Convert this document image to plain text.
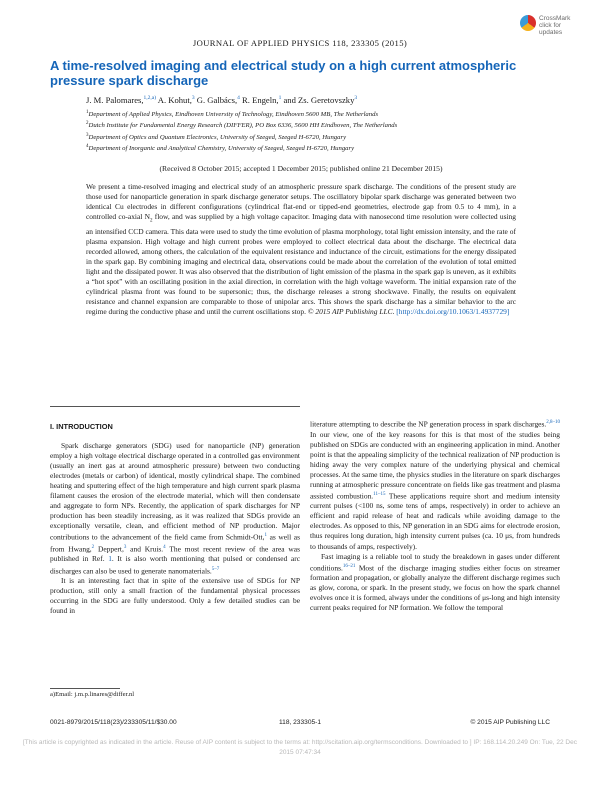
CrossMark
click for updates
JOURNAL OF APPLIED PHYSICS 118, 233305 (2015)
A time-resolved imaging and electrical study on a high current atmospheric pressure spark discharge
J. M. Palomares,$^{1,2,a)}$ A. Kohut,$^3$ G. Galbács,$^4$ R. Engeln,$^1$ and Zs. Geretovszky$^3$
$^1$Department of Applied Physics, Eindhoven University of Technology, Eindhoven 5600 MB, The Netherlands
$^2$Dutch Institute for Fundamental Energy Research (DIFFER), PO Box 6336, 5600 HH Eindhoven, The Netherlands
$^3$Department of Optics and Quantum Electronics, University of Szeged, Szeged H-6720, Hungary
$^4$Department of Inorganic and Analytical Chemistry, University of Szeged, Szeged H-6720, Hungary
(Received 8 October 2015; accepted 1 December 2015; published online 21 December 2015)

We present a time-resolved imaging and electrical study of an atmospheric pressure spark discharge. The conditions of the present study are those used for nanoparticle generation in spark discharge generator setups. The oscillatory bipolar spark discharge was generated between two identical Cu electrodes in different configurations (cylindrical flat-end or tipped-end geometries, electrode gap from 0.5 to 4 mm), in a controlled co-axial $N_2$ flow, and was supplied by a high voltage capacitor. Imaging data with nanosecond time resolution were collected using an intensified CCD camera. This data were used to study the time evolution of plasma morphology, total light emission intensity, and the rate of plasma expansion. High voltage and high current probes were employed to collect electrical data about the discharge. The electrical data recorded allowed, among others, the calculation of the equivalent resistance and inductance of the circuit, estimations for the energy dissipated in the spark gap. By combining imaging and electrical data, observations could be made about the correlation of the evolution of total emitted light and the dissipated power. It was also observed that the distribution of light emission of the plasma in the spark gap is uneven, as it exhibits a “hot spot” with an oscillating position in the axial direction, in correlation with the high voltage waveform. The initial expansion rate of the cylindrical plasma front was found to be supersonic; thus, the discharge releases a strong shockwave. Finally, the results on equivalent resistance and channel expansion are comparable to those of unipolar arcs. This shows the spark discharge has a similar behavior to the arc regime during the conductive phase and until the current oscillations stop. © 2015 AIP Publishing LLC. [http://dx.doi.org/10.1063/1.4937729]

I. INTRODUCTION

Spark discharge generators (SDG) used for nanoparticle (NP) generation employ a high voltage electrical discharge operated in a controlled gas environment (usually an inert gas at around atmospheric pressure) between two conducting electrodes (metals or carbon) of identical, mostly cylindrical shape. The combined heating and sputtering effect of the high temperature and high current spark plasma filament causes the erosion of the electrode material, which will then condensate and aggregate to form NPs. Recently, the application of spark discharges for NP production has been steadily increasing, as it was realized that SDGs provide an exceptionally versatile, clean, and efficient method of NP production. Major contributions to the advancement of the field came from Schmidt-Ott,$^1$ as well as from Hwang,$^2$ Deppert,$^3$ and Kruis.$^4$ The most recent review of the area was published in Ref. 1. It is also worth mentioning that pulsed or condensed arc discharges can also be used to generate nanomaterials.$^{5-7}$

It is an interesting fact that in spite of the extensive use of SDGs for NP production, still only a small fraction of the fundamental physical processes occurring in the SDG are fully understood. Only a few detailed studies can be found in

literature attempting to describe the NP generation process in spark discharges.$^{2,8-10}$ In our view, one of the key reasons for this is that most of the studies being published on SDGs are conducted with an engineering application in mind. Another point is that the appealing simplicity of the technical realization of NP production is hiding away the very complex nature of the underlying physical and chemical processes. At the same time, the physics studies in the literature on spark discharges running at atmospheric pressure concentrate on fields like gas treatment and plasma assisted combustion.$^{11-15}$ These applications require short and medium intensity current pulses (<100 ns, some tens of amps, respectively) in order to achieve an efficient and rapid release of heat and radicals while avoiding damage to the electrodes. As opposed to this, NP generation in an SDG aims for electrode erosion, thus requires long duration, high intensity current pulses (ca. 10 μs, from hundreds to thousands of amps, respectively).

Fast imaging is a reliable tool to study the breakdown in gases under different conditions.$^{16-21}$ Most of the discharge imaging studies either focus on streamer formation and propagation, or globally analyze the different discharge regimes such as glow, corona, or spark. In the present study, we focus on how the spark channel evolves once it is formed, always under the conditions of μs-long and high intensity current peaks required for NP formation. We follow the temporal

a)Email: j.m.p.linares@differ.nl
0021-8979/2015/118(23)/233305/11/$30.00	118, 233305-1	© 2015 AIP Publishing LLC
[This article is copyrighted as indicated in the article. Reuse of AIP content is subject to the terms at: http://scitation.aip.org/termsconditions. Downloaded to ] IP: 168.114.20.249 On: Tue, 22 Dec 2015 07:47:34
